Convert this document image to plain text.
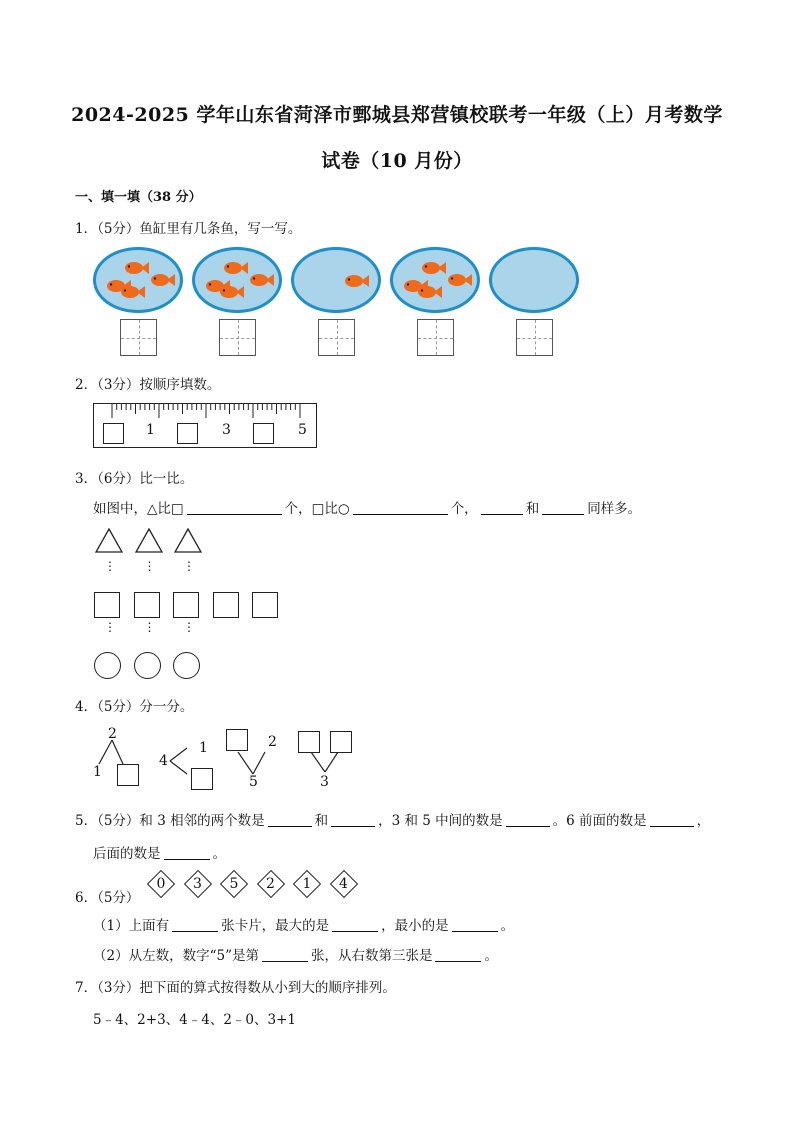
2024-2025 学年山东省菏泽市鄄城县郑营镇校联考一年级（上）月考数学
试卷（10 月份）
一、填一填（38 分）
1．（5分）鱼缸里有几条鱼，写一写。
2．（3分）按顺序填数。
1	3	5
3．（6分）比一比。
如图中，△比□	个，□比○	个，	和	同样多。
⋮ ⋮ ⋮
⋮ ⋮ ⋮
4．（5分）分一分。
2
1
4
1	2
5	3
5．（5分）和 3 相邻的两个数是	和	，3 和 5 中间的数是	。6 前面的数是	，
后面的数是	。
6．（5分）
0	3	5	2	1	4
（1）上面有	张卡片，最大的是	，最小的是	。
（2）从左数，数字“5”是第	张，从右数第三张是	。
7．（3分）把下面的算式按得数从小到大的顺序排列。
5﹣4、2+3、4﹣4、2﹣0、3+1
